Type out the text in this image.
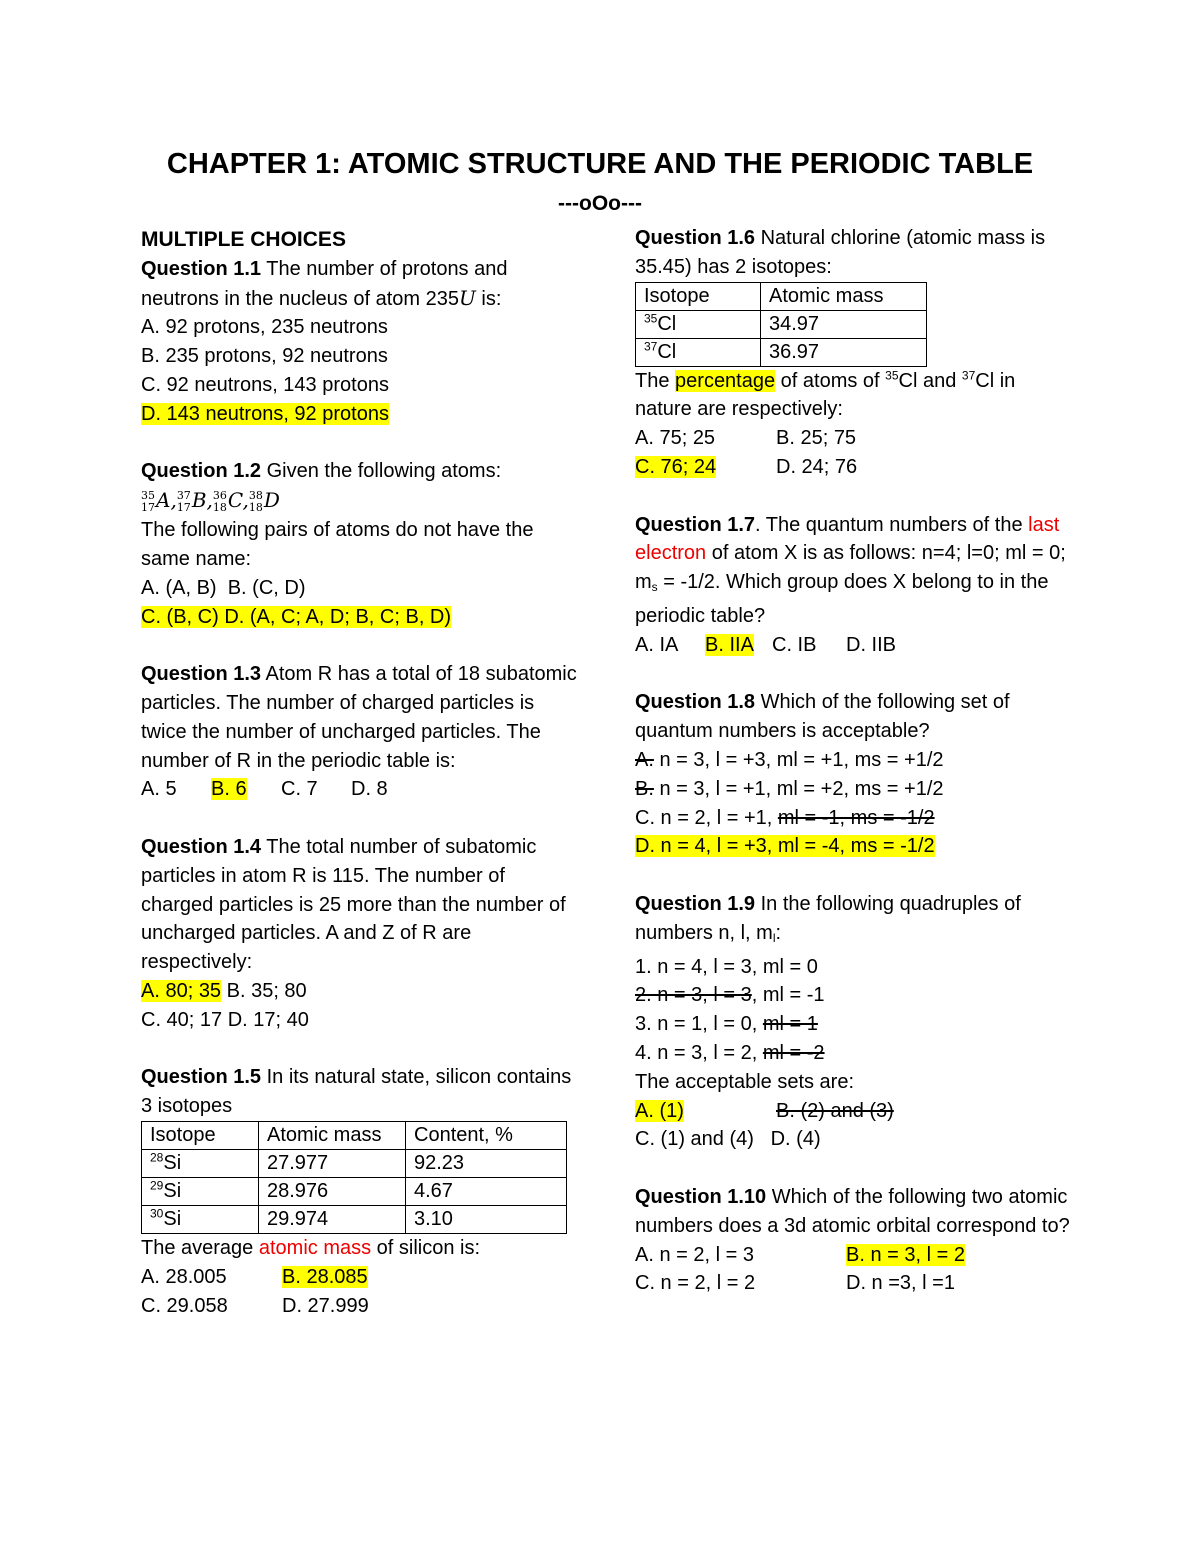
CHAPTER 1: ATOMIC STRUCTURE AND THE PERIODIC TABLE
---oOo---

MULTIPLE CHOICES

Question 1.1 The number of protons and neutrons in the nucleus of atom 235U is:

A. 92 protons, 235 neutrons

B. 235 protons, 92 neutrons

C. 92 neutrons, 143 protons

D. 143 neutrons, 92 protons

Question 1.2 Given the following atoms:

35
17 A, 37
17 B, 36
18 C, 38
18 D

The following pairs of atoms do not have the same name:

A. (A, B) B. (C, D)

C. (B, C) D. (A, C; A, D; B, C; B, D)

Question 1.3 Atom R has a total of 18 subatomic particles. The number of charged particles is twice the number of uncharged particles. The number of R in the periodic table is:

A. 5 B. 6 C. 7 D. 8

Question 1.4 The total number of subatomic particles in atom R is 115. The number of charged particles is 25 more than the number of uncharged particles. A and Z of R are respectively:

A. 80; 35 B. 35; 80

C. 40; 17 D. 17; 40

Question 1.5 In its natural state, silicon contains 3 isotopes

Isotope	Atomic mass	Content, %
$^{28}$Si	27.977	92.23
$^{29}$Si	28.976	4.67
$^{30}$Si	29.974	3.10

The average atomic mass of silicon is:

A. 28.005	B. 28.085

C. 29.058	D. 27.999

Question 1.6 Natural chlorine (atomic mass is 35.45) has 2 isotopes:

Isotope	Atomic mass
$^{35}$Cl	34.97
$^{37}$Cl	36.97

The percentage of atoms of $^{35}$Cl and $^{37}$Cl in

nature are respectively:

A. 75; 25	B. 25; 75

C. 76; 24	D. 24; 76

Question 1.7. The quantum numbers of the last electron of atom X is as follows: n=4; l=0; ml = 0; ms = -1/2. Which group does X belong to in the periodic table?

A. IA B. IIA C. IB D. IIB

Question 1.8 Which of the following set of quantum numbers is acceptable?

A. n = 3, l = +3, ml = +1, ms = +1/2

B. n = 3, l = +1, ml = +2, ms = +1/2

C. n = 2, l = +1, ml = -1, ms = -1/2

D. n = 4, l = +3, ml = -4, ms = -1/2

Question 1.9 In the following quadruples of numbers n, l, ml:

1. n = 4, l = 3, ml = 0

2. n = 3, l = 3, ml = -1

3. n = 1, l = 0, ml = 1

4. n = 3, l = 2, ml = -2

The acceptable sets are:

A. (1)	B. (2) and (3)

C. (1) and (4) D. (4)

Question 1.10 Which of the following two atomic numbers does a 3d atomic orbital correspond to?

A. n = 2, l = 3	B. n = 3, l = 2

C. n = 2, l = 2	D. n =3, l =1
